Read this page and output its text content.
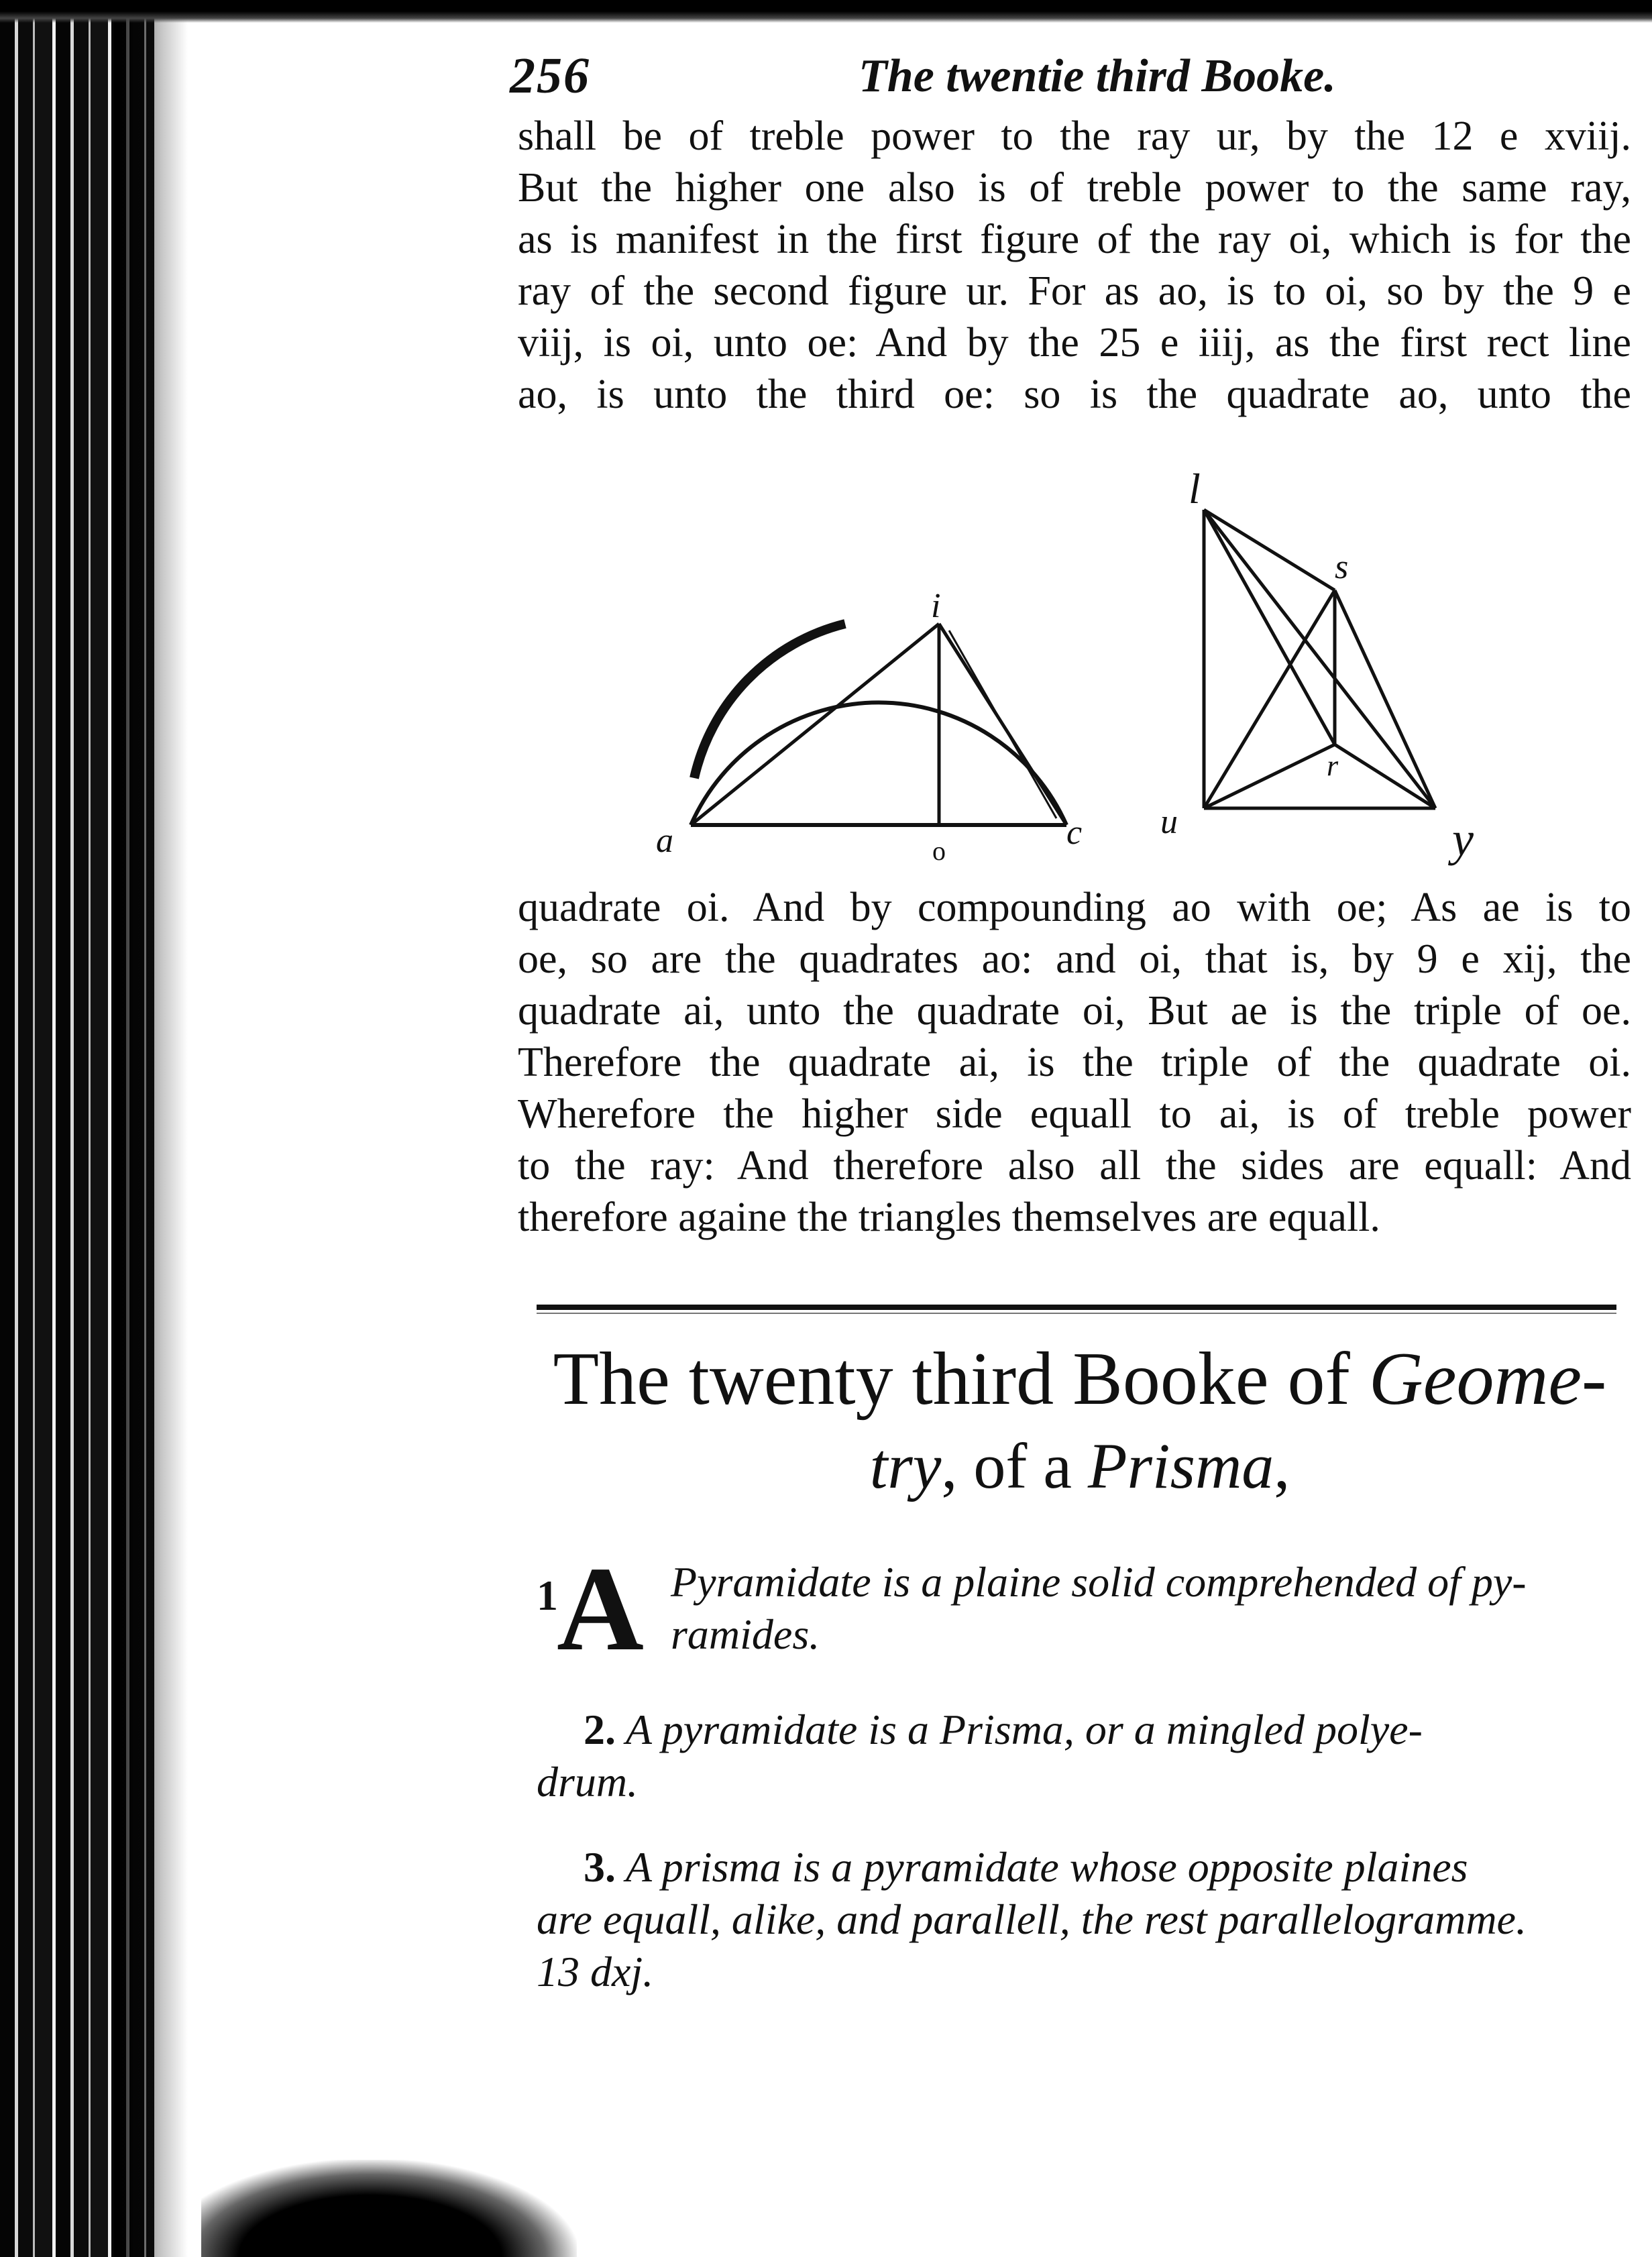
256	The twentie third Booke.
shall be of treble power to the ray ur, by the 12 e xviij.
But the higher one also is of treble power to the same ray,
as is manifest in the first figure of the ray oi, which is for the
ray of the second figure ur. For as ao, is to oi, so by the 9 e
viij, is oi, unto oe: And by the 25 e iiij, as the first rect line
ao, is unto the third oe: so is the quadrate ao, unto the
i
a	o	c
l
s
r
u	y
quadrate oi. And by compounding ao with oe; As ae is to
oe, so are the quadrates ao: and oi, that is, by 9 e xij, the
quadrate ai, unto the quadrate oi, But ae is the triple of oe.
Therefore the quadrate ai, is the triple of the quadrate oi.
Wherefore the higher side equall to ai, is of treble power
to the ray: And therefore also all the sides are equall: And
therefore againe the triangles themselves are equall.
The twenty third Booke of Geome-
try, of a Prisma,
1
A Pyramidate is a plaine solid comprehended of py-
ramides.
2. A pyramidate is a Prisma, or a mingled polye-
drum.
3. A prisma is a pyramidate whose opposite plaines
are equall, alike, and parallell, the rest parallelogramme.
13 dxj.
